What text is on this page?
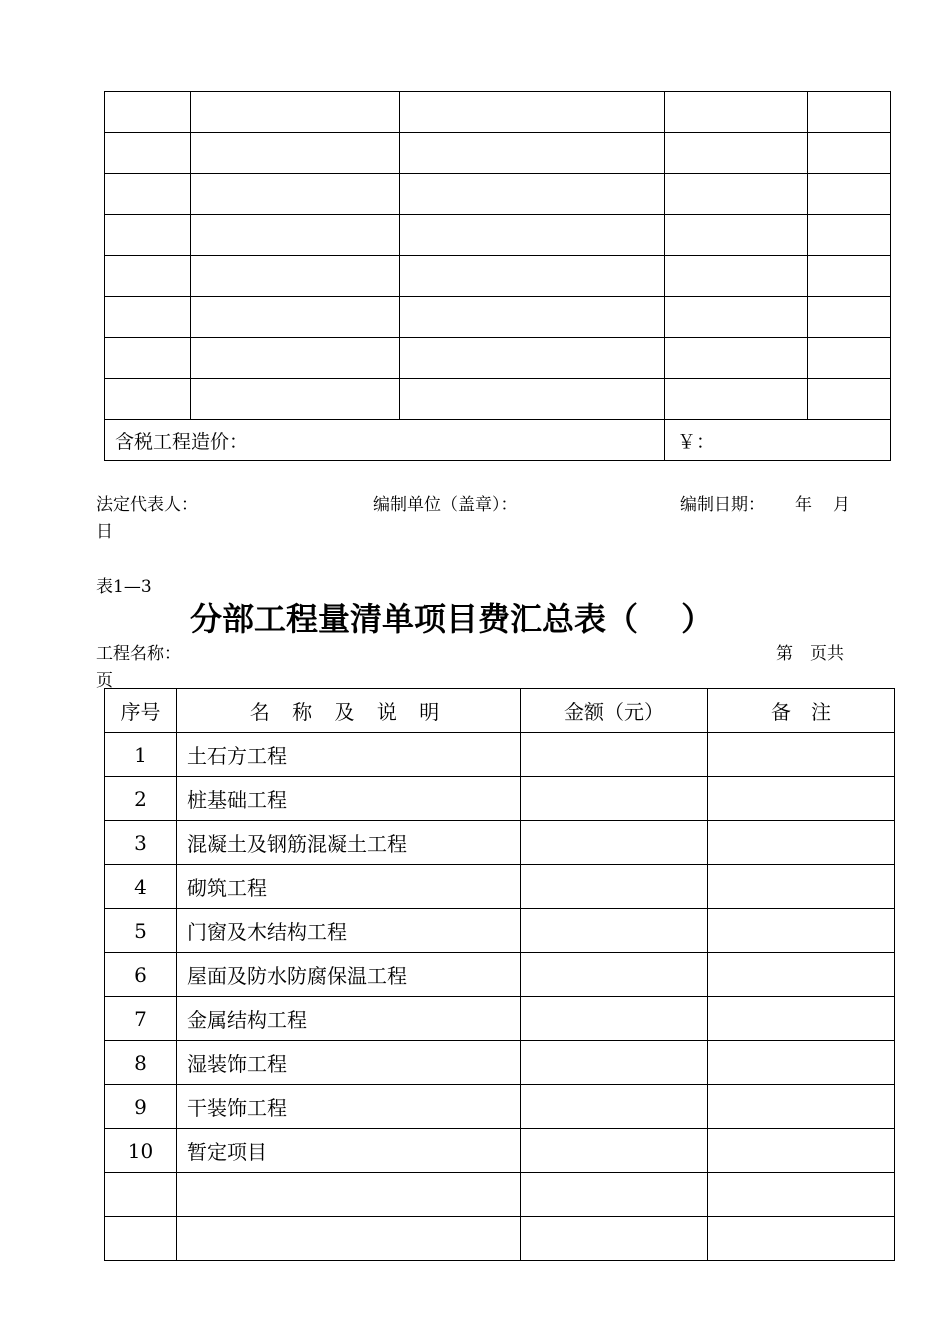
含税工程造价：			￥：	
法定代表人：	编制单位（盖章）：	编制日期： 年 月
日
表1—3
分部工程量清单项目费汇总表（　 ）
工程名称：	第　页共
页
序号	名 称 及 说 明	金额（元）	备　注
1	土石方工程		
2	桩基础工程		
3	混凝土及钢筋混凝土工程		
4	砌筑工程		
5	门窗及木结构工程		
6	屋面及防水防腐保温工程		
7	金属结构工程		
8	湿装饰工程		
9	干装饰工程		
10	暂定项目		
